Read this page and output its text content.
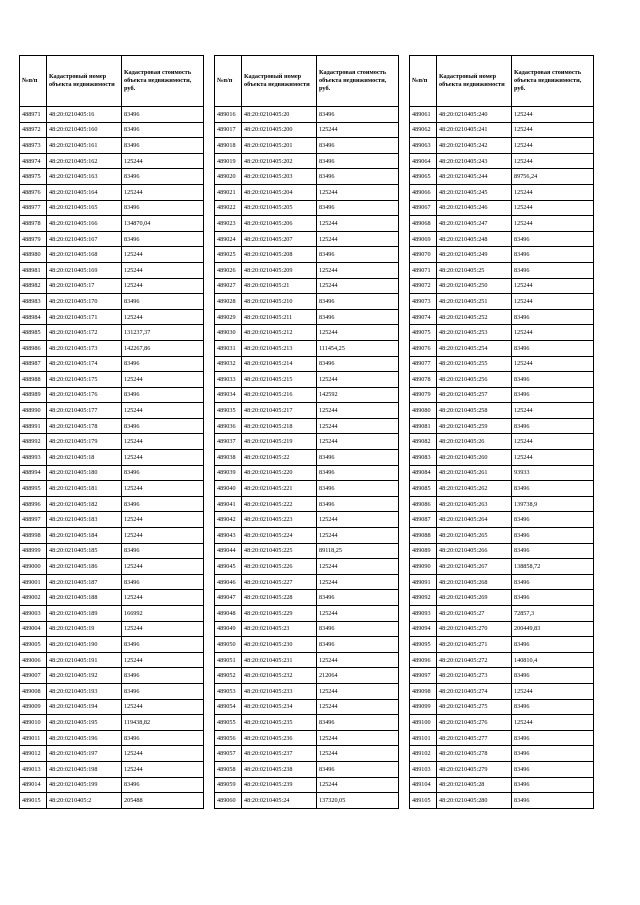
№п/п	Кадастровый номер объекта недвижимости	Кадастровая стоимость объекта недвижимости, руб.
488971	48:20:0210405:16	83496
488972	48:20:0210405:160	83496
488973	48:20:0210405:161	83496
488974	48:20:0210405:162	125244
488975	48:20:0210405:163	83496
488976	48:20:0210405:164	125244
488977	48:20:0210405:165	83496
488978	48:20:0210405:166	134870,04
488979	48:20:0210405:167	83496
488980	48:20:0210405:168	125244
488981	48:20:0210405:169	125244
488982	48:20:0210405:17	125244
488983	48:20:0210405:170	83496
488984	48:20:0210405:171	125244
488985	48:20:0210405:172	131237,37
488986	48:20:0210405:173	142267,86
488987	48:20:0210405:174	83496
488988	48:20:0210405:175	125244
488989	48:20:0210405:176	83496
488990	48:20:0210405:177	125244
488991	48:20:0210405:178	83496
488992	48:20:0210405:179	125244
488993	48:20:0210405:18	125244
488994	48:20:0210405:180	83496
488995	48:20:0210405:181	125244
488996	48:20:0210405:182	83496
488997	48:20:0210405:183	125244
488998	48:20:0210405:184	125244
488999	48:20:0210405:185	83496
489000	48:20:0210405:186	125244
489001	48:20:0210405:187	83496
489002	48:20:0210405:188	125244
489003	48:20:0210405:189	166992
489004	48:20:0210405:19	125244
489005	48:20:0210405:190	83496
489006	48:20:0210405:191	125244
489007	48:20:0210405:192	83496
489008	48:20:0210405:193	83496
489009	48:20:0210405:194	125244
489010	48:20:0210405:195	119438,82
489011	48:20:0210405:196	83496
489012	48:20:0210405:197	125244
489013	48:20:0210405:198	125244
489014	48:20:0210405:199	83496
489015	48:20:0210405:2	205488
№п/п	Кадастровый номер объекта недвижимости	Кадастровая стоимость объекта недвижимости, руб.
489016	48:20:0210405:20	83496
489017	48:20:0210405:200	125244
489018	48:20:0210405:201	83496
489019	48:20:0210405:202	83496
489020	48:20:0210405:203	83496
489021	48:20:0210405:204	125244
489022	48:20:0210405:205	83496
489023	48:20:0210405:206	125244
489024	48:20:0210405:207	125244
489025	48:20:0210405:208	83496
489026	48:20:0210405:209	125244
489027	48:20:0210405:21	125244
489028	48:20:0210405:210	83496
489029	48:20:0210405:211	83496
489030	48:20:0210405:212	125244
489031	48:20:0210405:213	111454,25
489032	48:20:0210405:214	83496
489033	48:20:0210405:215	125244
489034	48:20:0210405:216	142592
489035	48:20:0210405:217	125244
489036	48:20:0210405:218	125244
489037	48:20:0210405:219	125244
489038	48:20:0210405:22	83496
489039	48:20:0210405:220	83496
489040	48:20:0210405:221	83496
489041	48:20:0210405:222	83496
489042	48:20:0210405:223	125244
489043	48:20:0210405:224	125244
489044	48:20:0210405:225	89118,25
489045	48:20:0210405:226	125244
489046	48:20:0210405:227	125244
489047	48:20:0210405:228	83496
489048	48:20:0210405:229	125244
489049	48:20:0210405:23	83496
489050	48:20:0210405:230	83496
489051	48:20:0210405:231	125244
489052	48:20:0210405:232	212064
489053	48:20:0210405:233	125244
489054	48:20:0210405:234	125244
489055	48:20:0210405:235	83496
489056	48:20:0210405:236	125244
489057	48:20:0210405:237	125244
489058	48:20:0210405:238	83496
489059	48:20:0210405:239	125244
489060	48:20:0210405:24	137320,05
№п/п	Кадастровый номер объекта недвижимости	Кадастровая стоимость объекта недвижимости, руб.
489061	48:20:0210405:240	125244
489062	48:20:0210405:241	125244
489063	48:20:0210405:242	125244
489064	48:20:0210405:243	125244
489065	48:20:0210405:244	89756,24
489066	48:20:0210405:245	125244
489067	48:20:0210405:246	125244
489068	48:20:0210405:247	125244
489069	48:20:0210405:248	83496
489070	48:20:0210405:249	83496
489071	48:20:0210405:25	83496
489072	48:20:0210405:250	125244
489073	48:20:0210405:251	125244
489074	48:20:0210405:252	83496
489075	48:20:0210405:253	125244
489076	48:20:0210405:254	83496
489077	48:20:0210405:255	125244
489078	48:20:0210405:256	83496
489079	48:20:0210405:257	83496
489080	48:20:0210405:258	125244
489081	48:20:0210405:259	83496
489082	48:20:0210405:26	125244
489083	48:20:0210405:260	125244
489084	48:20:0210405:261	93933
489085	48:20:0210405:262	83496
489086	48:20:0210405:263	139738,9
489087	48:20:0210405:264	83496
489088	48:20:0210405:265	83496
489089	48:20:0210405:266	83496
489090	48:20:0210405:267	138858,72
489091	48:20:0210405:268	83496
489092	48:20:0210405:269	83496
489093	48:20:0210405:27	72857,3
489094	48:20:0210405:270	200449,83
489095	48:20:0210405:271	83496
489096	48:20:0210405:272	140810,4
489097	48:20:0210405:273	83496
489098	48:20:0210405:274	125244
489099	48:20:0210405:275	83496
489100	48:20:0210405:276	125244
489101	48:20:0210405:277	83496
489102	48:20:0210405:278	83496
489103	48:20:0210405:279	83496
489104	48:20:0210405:28	83496
489105	48:20:0210405:280	83496
